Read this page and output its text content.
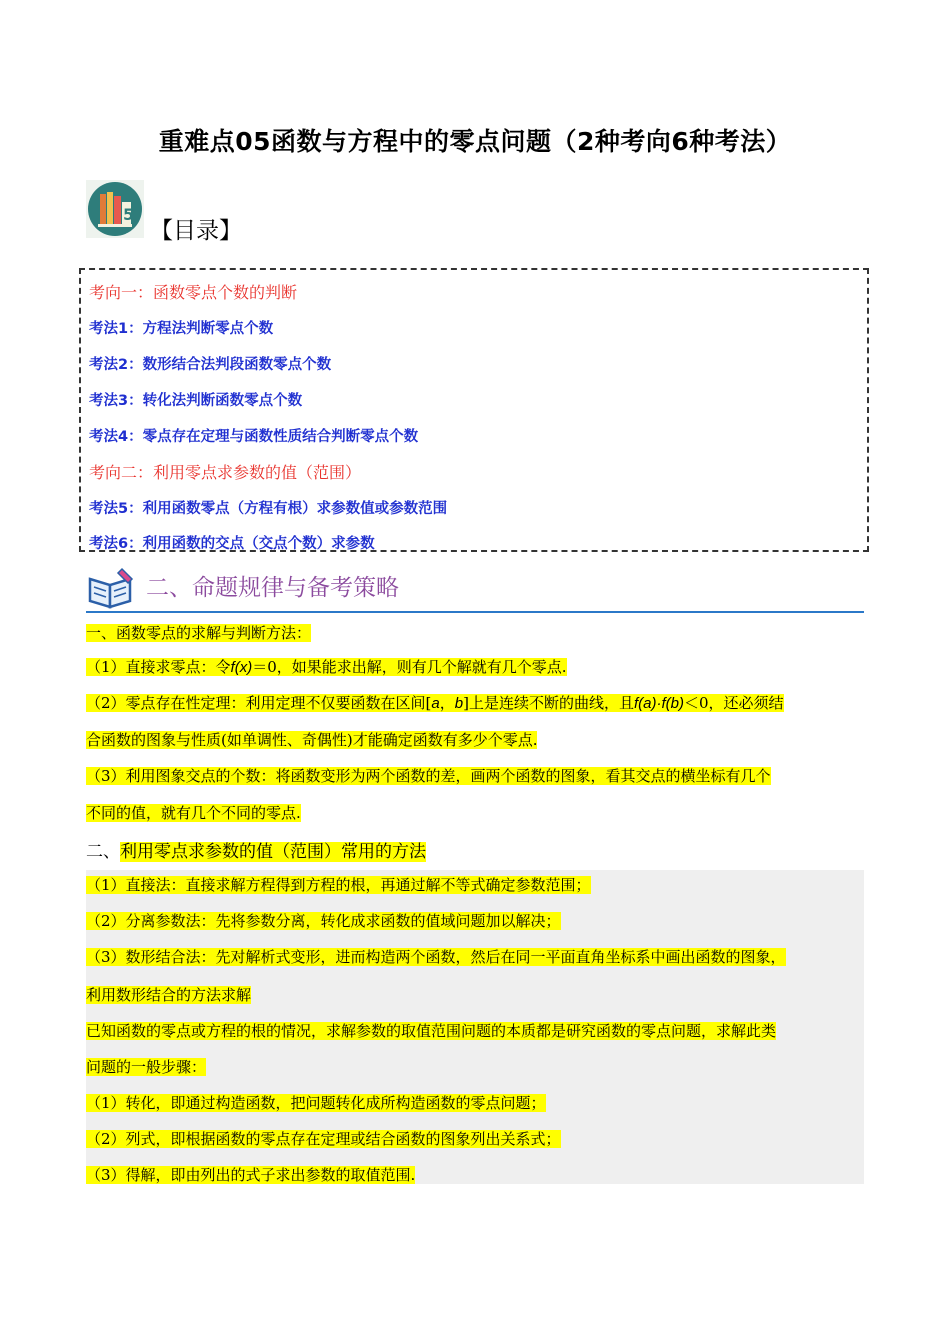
重难点05函数与方程中的零点问题（2种考向6种考法）
5
【目录】
考向一：函数零点个数的判断
考法1：方程法判断零点个数
考法2：数形结合法判段函数零点个数
考法3：转化法判断函数零点个数
考法4：零点存在定理与函数性质结合判断零点个数
考向二：利用零点求参数的值（范围）
考法5：利用函数零点（方程有根）求参数值或参数范围
考法6：利用函数的交点（交点个数）求参数
二、命题规律与备考策略
一、函数零点的求解与判断方法：
（1）直接求零点：令f(x)＝0，如果能求出解，则有几个解就有几个零点.
（2）零点存在性定理：利用定理不仅要函数在区间[a，b]上是连续不断的曲线，且f(a)·f(b)＜0，还必须结
合函数的图象与性质(如单调性、奇偶性)才能确定函数有多少个零点.
（3）利用图象交点的个数：将函数变形为两个函数的差，画两个函数的图象，看其交点的横坐标有几个
不同的值，就有几个不同的零点.
二、利用零点求参数的值（范围）常用的方法
（1）直接法：直接求解方程得到方程的根，再通过解不等式确定参数范围；
（2）分离参数法：先将参数分离，转化成求函数的值域问题加以解决；
（3）数形结合法：先对解析式变形，进而构造两个函数，然后在同一平面直角坐标系中画出函数的图象，
利用数形结合的方法求解
已知函数的零点或方程的根的情况，求解参数的取值范围问题的本质都是研究函数的零点问题，求解此类
问题的一般步骤：
（1）转化，即通过构造函数，把问题转化成所构造函数的零点问题；
（2）列式，即根据函数的零点存在定理或结合函数的图象列出关系式；
（3）得解，即由列出的式子求出参数的取值范围.
